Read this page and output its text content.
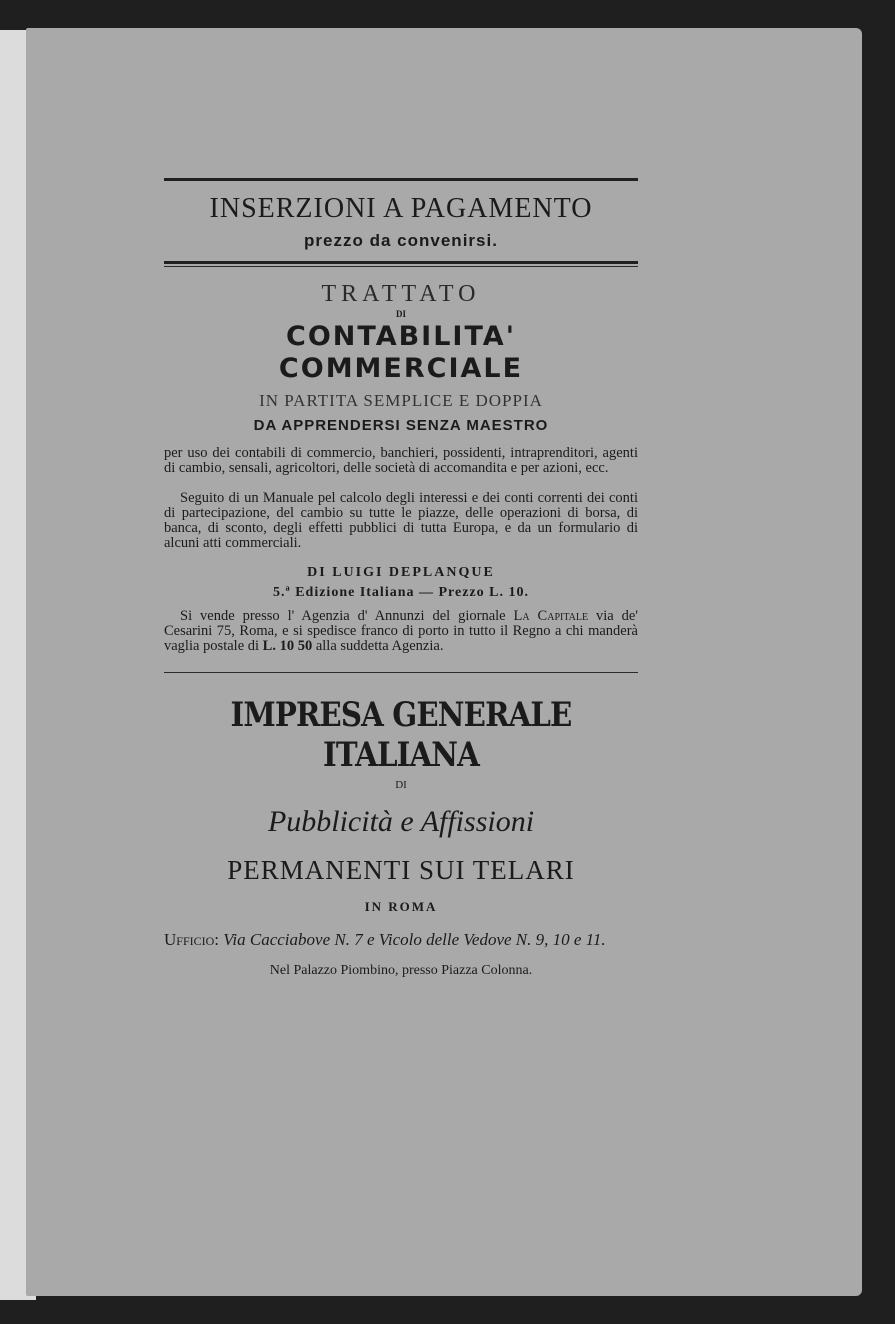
INSERZIONI A PAGAMENTO
prezzo da convenirsi.
TRATTATO
DI
CONTABILITA' COMMERCIALE
IN PARTITA SEMPLICE E DOPPIA
DA APPRENDERSI SENZA MAESTRO

per uso dei contabili di commercio, banchieri, possidenti, intraprenditori, agenti di cambio, sensali, agricoltori, delle società di accomandita e per azioni, ecc.

Seguito di un Manuale pel calcolo degli interessi e dei conti correnti dei conti di partecipazione, del cambio su tutte le piazze, delle operazioni di borsa, di banca, di sconto, degli effetti pubblici di tutta Europa, e da un formulario di alcuni atti commerciali.

DI LUIGI DEPLANQUE
5.ª Edizione Italiana — Prezzo L. 10.

Si vende presso l' Agenzia d' Annunzi del giornale La Capitale via de' Cesarini 75, Roma, e si spedisce franco di porto in tutto il Regno a chi manderà vaglia postale di L. 10 50 alla suddetta Agenzia.

IMPRESA GENERALE ITALIANA
DI
Pubblicità e Affissioni
PERMANENTI SUI TELARI
IN ROMA
Ufficio: Via Cacciabove N. 7 e Vicolo delle Vedove N. 9, 10 e 11.
Nel Palazzo Piombino, presso Piazza Colonna.
